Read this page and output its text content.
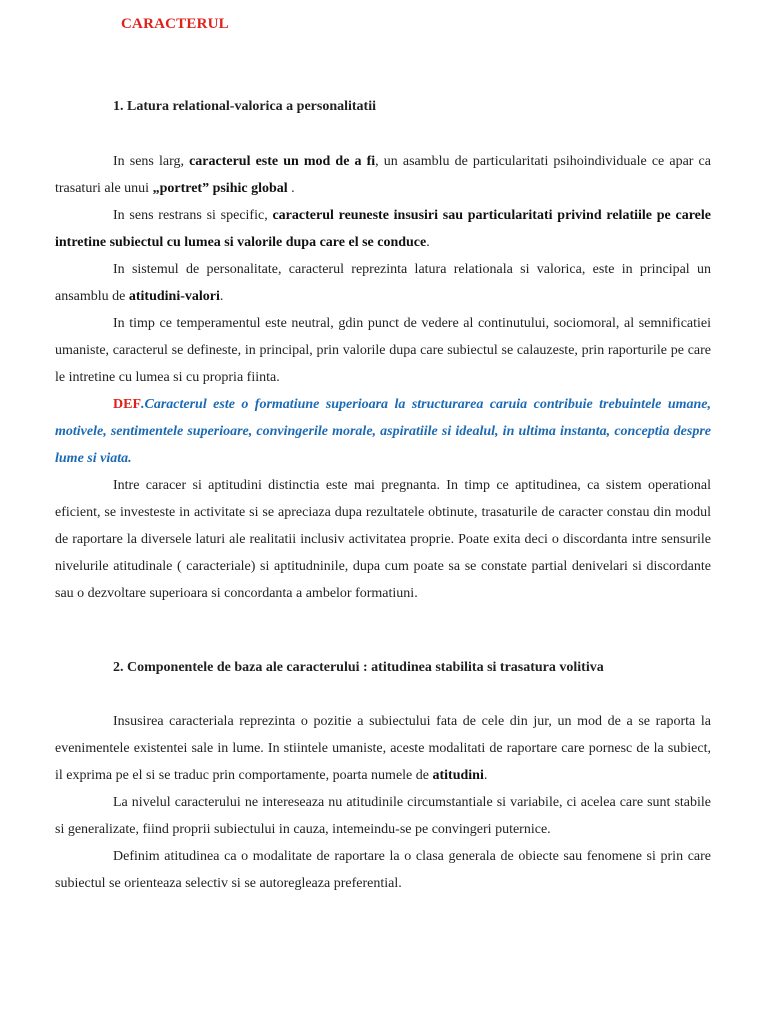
CARACTERUL
1. Latura relational-valorica a personalitatii

In sens larg, caracterul este un mod de a fi, un asamblu de particularitati psihoindividuale ce apar ca trasaturi ale unui „portret” psihic global .

In sens restrans si specific, caracterul reuneste insusiri sau particularitati privind relatiile pe carele intretine subiectul cu lumea si valorile dupa care el se conduce.

In sistemul de personalitate, caracterul reprezinta latura relationala si valorica, este in principal un ansamblu de atitudini-valori.

In timp ce temperamentul este neutral, gdin punct de vedere al continutului, sociomoral, al semnificatiei umaniste, caracterul se defineste, in principal, prin valorile dupa care subiectul se calauzeste, prin raporturile pe care le intretine cu lumea si cu propria fiinta.

DEF.Caracterul este o formatiune superioara la structurarea caruia contribuie trebuintele umane, motivele, sentimentele superioare, convingerile morale, aspiratiile si idealul, in ultima instanta, conceptia despre lume si viata.

Intre caracer si aptitudini distinctia este mai pregnanta. In timp ce aptitudinea, ca sistem operational eficient, se investeste in activitate si se apreciaza dupa rezultatele obtinute, trasaturile de caracter constau din modul de raportare la diversele laturi ale realitatii inclusiv activitatea proprie. Poate exita deci o discordanta intre sensurile nivelurile atitudinale ( caracteriale) si aptitudninile, dupa cum poate sa se constate partial denivelari si discordante sau o dezvoltare superioara si concordanta a ambelor formatiuni.

2. Componentele de baza ale caracterului : atitudinea stabilita si trasatura volitiva

Insusirea caracteriala reprezinta o pozitie a subiectului fata de cele din jur, un mod de a se raporta la evenimentele existentei sale in lume. In stiintele umaniste, aceste modalitati de raportare care pornesc de la subiect, il exprima pe el si se traduc prin comportamente, poarta numele de atitudini.

La nivelul caracterului ne intereseaza nu atitudinile circumstantiale si variabile, ci acelea care sunt stabile si generalizate, fiind proprii subiectului in cauza, intemeindu-se pe convingeri puternice.

Definim atitudinea ca o modalitate de raportare la o clasa generala de obiecte sau fenomene si prin care subiectul se orienteaza selectiv si se autoregleaza preferential.
